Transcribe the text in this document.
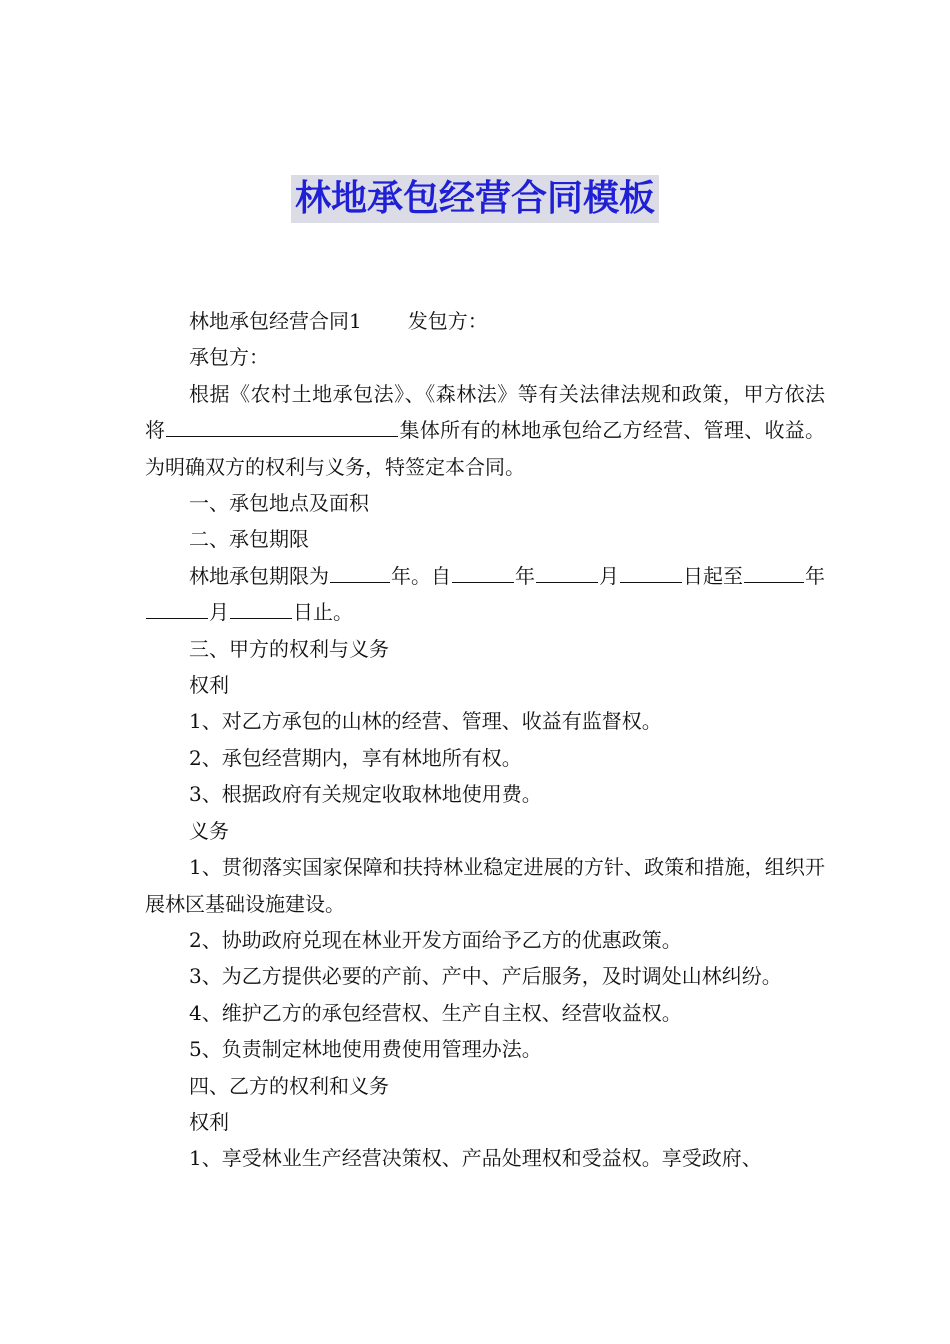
林地承包经营合同模板

林地承包经营合同1 发包方：

承包方：

根据《农村土地承包法》、《森林法》等有关法律法规和政策，甲方依法将	集体所有的林地承包给乙方经营、管理、收益。为明确双方的权利与义务，特签定本合同。

一、承包地点及面积

二、承包期限

林地承包期限为	年。自	年	月	日起至	年月	日止。

三、甲方的权利与义务

权利

1、对乙方承包的山林的经营、管理、收益有监督权。

2、承包经营期内，享有林地所有权。

3、根据政府有关规定收取林地使用费。

义务

1、贯彻落实国家保障和扶持林业稳定进展的方针、政策和措施，组织开展林区基础设施建设。

2、协助政府兑现在林业开发方面给予乙方的优惠政策。

3、为乙方提供必要的产前、产中、产后服务，及时调处山林纠纷。

4、维护乙方的承包经营权、生产自主权、经营收益权。

5、负责制定林地使用费使用管理办法。

四、乙方的权利和义务

权利

1、享受林业生产经营决策权、产品处理权和受益权。享受政府、
